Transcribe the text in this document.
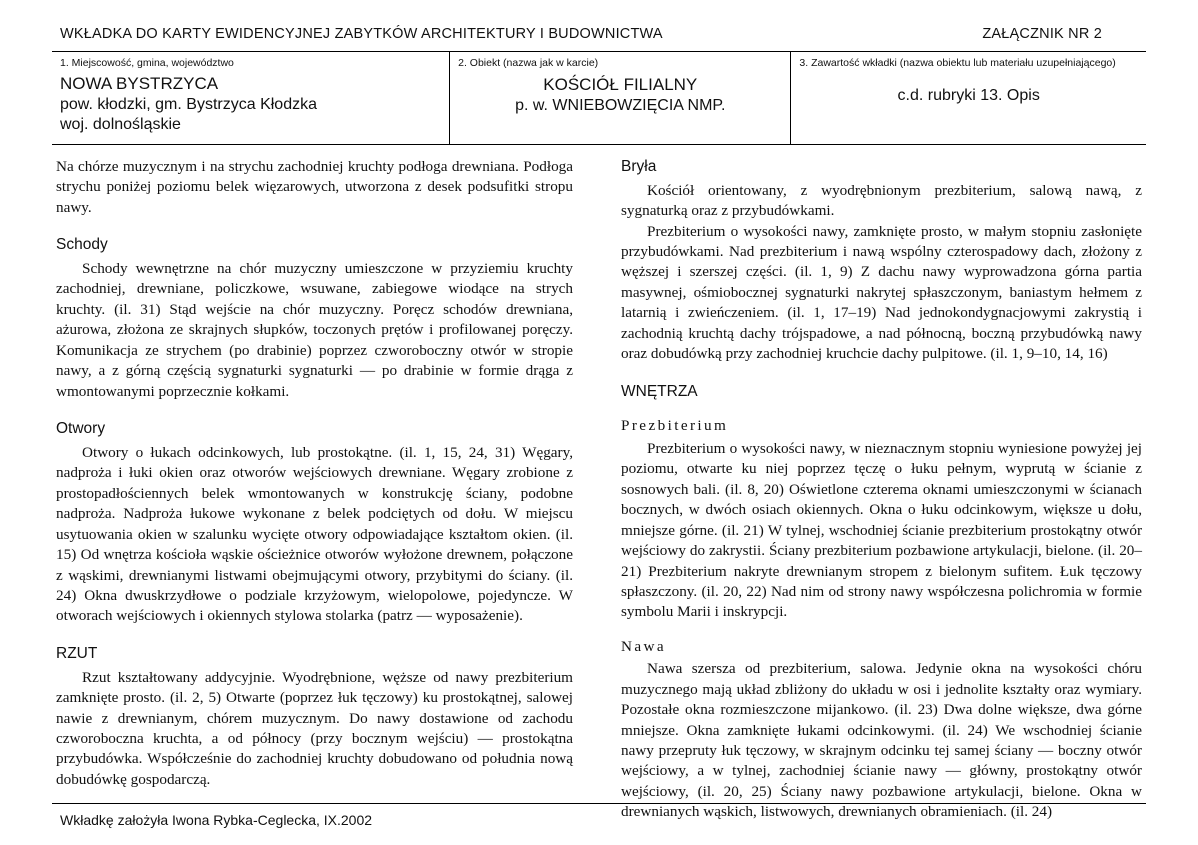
WKŁADKA DO KARTY EWIDENCYJNEJ ZABYTKÓW ARCHITEKTURY I BUDOWNICTWA	ZAŁĄCZNIK NR 2
1. Miejscowość, gmina, województwo
NOWA BYSTRZYCA
pow. kłodzki, gm. Bystrzyca Kłodzka
woj. dolnośląskie
2. Obiekt (nazwa jak w karcie)
KOŚCIÓŁ FILIALNY
p. w. WNIEBOWZIĘCIA NMP.
3. Zawartość wkładki (nazwa obiektu lub materiału uzupełniającego)
c.d. rubryki 13. Opis

Na chórze muzycznym i na strychu zachodniej kruchty podłoga drewniana. Podłoga strychu poniżej poziomu belek więzarowych, utworzona z desek podsufitki stropu nawy.

Schody

Schody wewnętrzne na chór muzyczny umieszczone w przyziemiu kruchty zachodniej, drewniane, policzkowe, wsuwane, zabiegowe wiodące na strych kruchty. (il. 31) Stąd wejście na chór muzyczny. Poręcz schodów drewniana, ażurowa, złożona ze skrajnych słupków, toczonych prętów i profilowanej poręczy. Komunikacja ze strychem (po drabinie) poprzez czworoboczny otwór w stropie nawy, a z górną częścią sygnaturki sygnaturki — po drabinie w formie drąga z wmontowanymi poprzecznie kołkami.

Otwory

Otwory o łukach odcinkowych, lub prostokątne. (il. 1, 15, 24, 31) Węgary, nadproża i łuki okien oraz otworów wejściowych drewniane. Węgary zrobione z prostopadłościennych belek wmontowanych w konstrukcję ściany, podobne nadproża. Nadproża łukowe wykonane z belek podciętych od dołu. W miejscu usytuowania okien w szalunku wycięte otwory odpowiadające kształtom okien. (il. 15) Od wnętrza kościoła wąskie ościeżnice otworów wyłożone drewnem, połączone z wąskimi, drewnianymi listwami obejmującymi otwory, przybitymi do ściany. (il. 24) Okna dwuskrzydłowe o podziale krzyżowym, wielopolowe, pojedyncze. W otworach wejściowych i okiennych stylowa stolarka (patrz — wyposażenie).

RZUT

Rzut kształtowany addycyjnie. Wyodrębnione, węższe od nawy prezbiterium zamknięte prosto. (il. 2, 5) Otwarte (poprzez łuk tęczowy) ku prostokątnej, salowej nawie z drewnianym, chórem muzycznym. Do nawy dostawione od zachodu czworoboczna kruchta, a od północy (przy bocznym wejściu) — prostokątna przybudówka. Współcześnie do zachodniej kruchty dobudowano od południa nową dobudówkę gospodarczą.

Bryła

Kościół orientowany, z wyodrębnionym prezbiterium, salową nawą, z sygnaturką oraz z przybudówkami.

Prezbiterium o wysokości nawy, zamknięte prosto, w małym stopniu zasłonięte przybudówkami. Nad prezbiterium i nawą wspólny czterospadowy dach, złożony z węższej i szerszej części. (il. 1, 9) Z dachu nawy wyprowadzona górna partia masywnej, ośmiobocznej sygnaturki nakrytej spłaszczonym, baniastym hełmem z latarnią i zwieńczeniem. (il. 1, 17–19) Nad jednokondygnacjowymi zakrystią i zachodnią kruchtą dachy trójspadowe, a nad północną, boczną przybudówką nawy oraz dobudówką przy zachodniej kruchcie dachy pulpitowe. (il. 1, 9–10, 14, 16)

WNĘTRZA
Prezbiterium

Prezbiterium o wysokości nawy, w nieznacznym stopniu wyniesione powyżej jej poziomu, otwarte ku niej poprzez tęczę o łuku pełnym, wyprutą w ścianie z sosnowych bali. (il. 8, 20) Oświetlone czterema oknami umieszczonymi w ścianach bocznych, w dwóch osiach okiennych. Okna o łuku odcinkowym, większe u dołu, mniejsze górne. (il. 21) W tylnej, wschodniej ścianie prezbiterium prostokątny otwór wejściowy do zakrystii. Ściany prezbiterium pozbawione artykulacji, bielone. (il. 20–21) Prezbiterium nakryte drewnianym stropem z bielonym sufitem. Łuk tęczowy spłaszczony. (il. 20, 22) Nad nim od strony nawy współczesna polichromia w formie symbolu Marii i inskrypcji.

Nawa

Nawa szersza od prezbiterium, salowa. Jedynie okna na wysokości chóru muzycznego mają układ zbliżony do układu w osi i jednolite kształty oraz wymiary. Pozostałe okna rozmieszczone mijankowo. (il. 23) Dwa dolne większe, dwa górne mniejsze. Okna zamknięte łukami odcinkowymi. (il. 24) We wschodniej ścianie nawy przepruty łuk tęczowy, w skrajnym odcinku tej samej ściany — boczny otwór wejściowy, a w tylnej, zachodniej ścianie nawy — główny, prostokątny otwór wejściowy, (il. 20, 25) Ściany nawy pozbawione artykulacji, bielone. Okna w drewnianych wąskich, listwowych, drewnianych obramieniach. (il. 24)

Wkładkę założyła Iwona Rybka-Ceglecka, IX.2002
